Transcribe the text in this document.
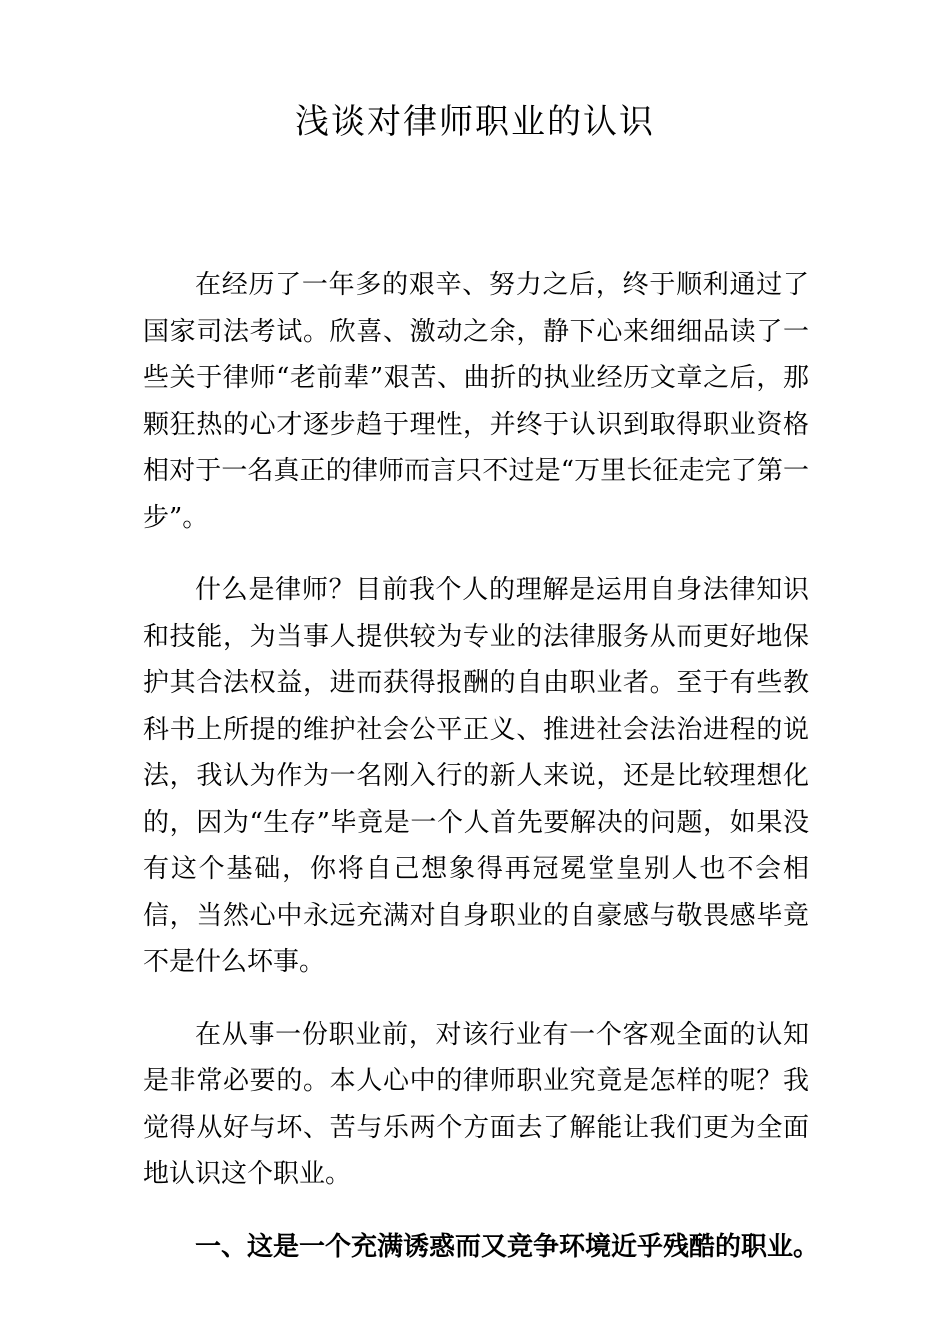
浅谈对律师职业的认识

在经历了一年多的艰辛、努力之后，终于顺利通过了国家司法考试。欣喜、激动之余，静下心来细细品读了一些关于律师“老前辈”艰苦、曲折的执业经历文章之后，那颗狂热的心才逐步趋于理性，并终于认识到取得职业资格相对于一名真正的律师而言只不过是“万里长征走完了第一步”。

什么是律师？目前我个人的理解是运用自身法律知识和技能，为当事人提供较为专业的法律服务从而更好地保护其合法权益，进而获得报酬的自由职业者。至于有些教科书上所提的维护社会公平正义、推进社会法治进程的说法，我认为作为一名刚入行的新人来说，还是比较理想化的，因为“生存”毕竟是一个人首先要解决的问题，如果没有这个基础，你将自己想象得再冠冕堂皇别人也不会相信，当然心中永远充满对自身职业的自豪感与敬畏感毕竟不是什么坏事。

在从事一份职业前，对该行业有一个客观全面的认知是非常必要的。本人心中的律师职业究竟是怎样的呢？我觉得从好与坏、苦与乐两个方面去了解能让我们更为全面地认识这个职业。

一、这是一个充满诱惑而又竞争环境近乎残酷的职业。
